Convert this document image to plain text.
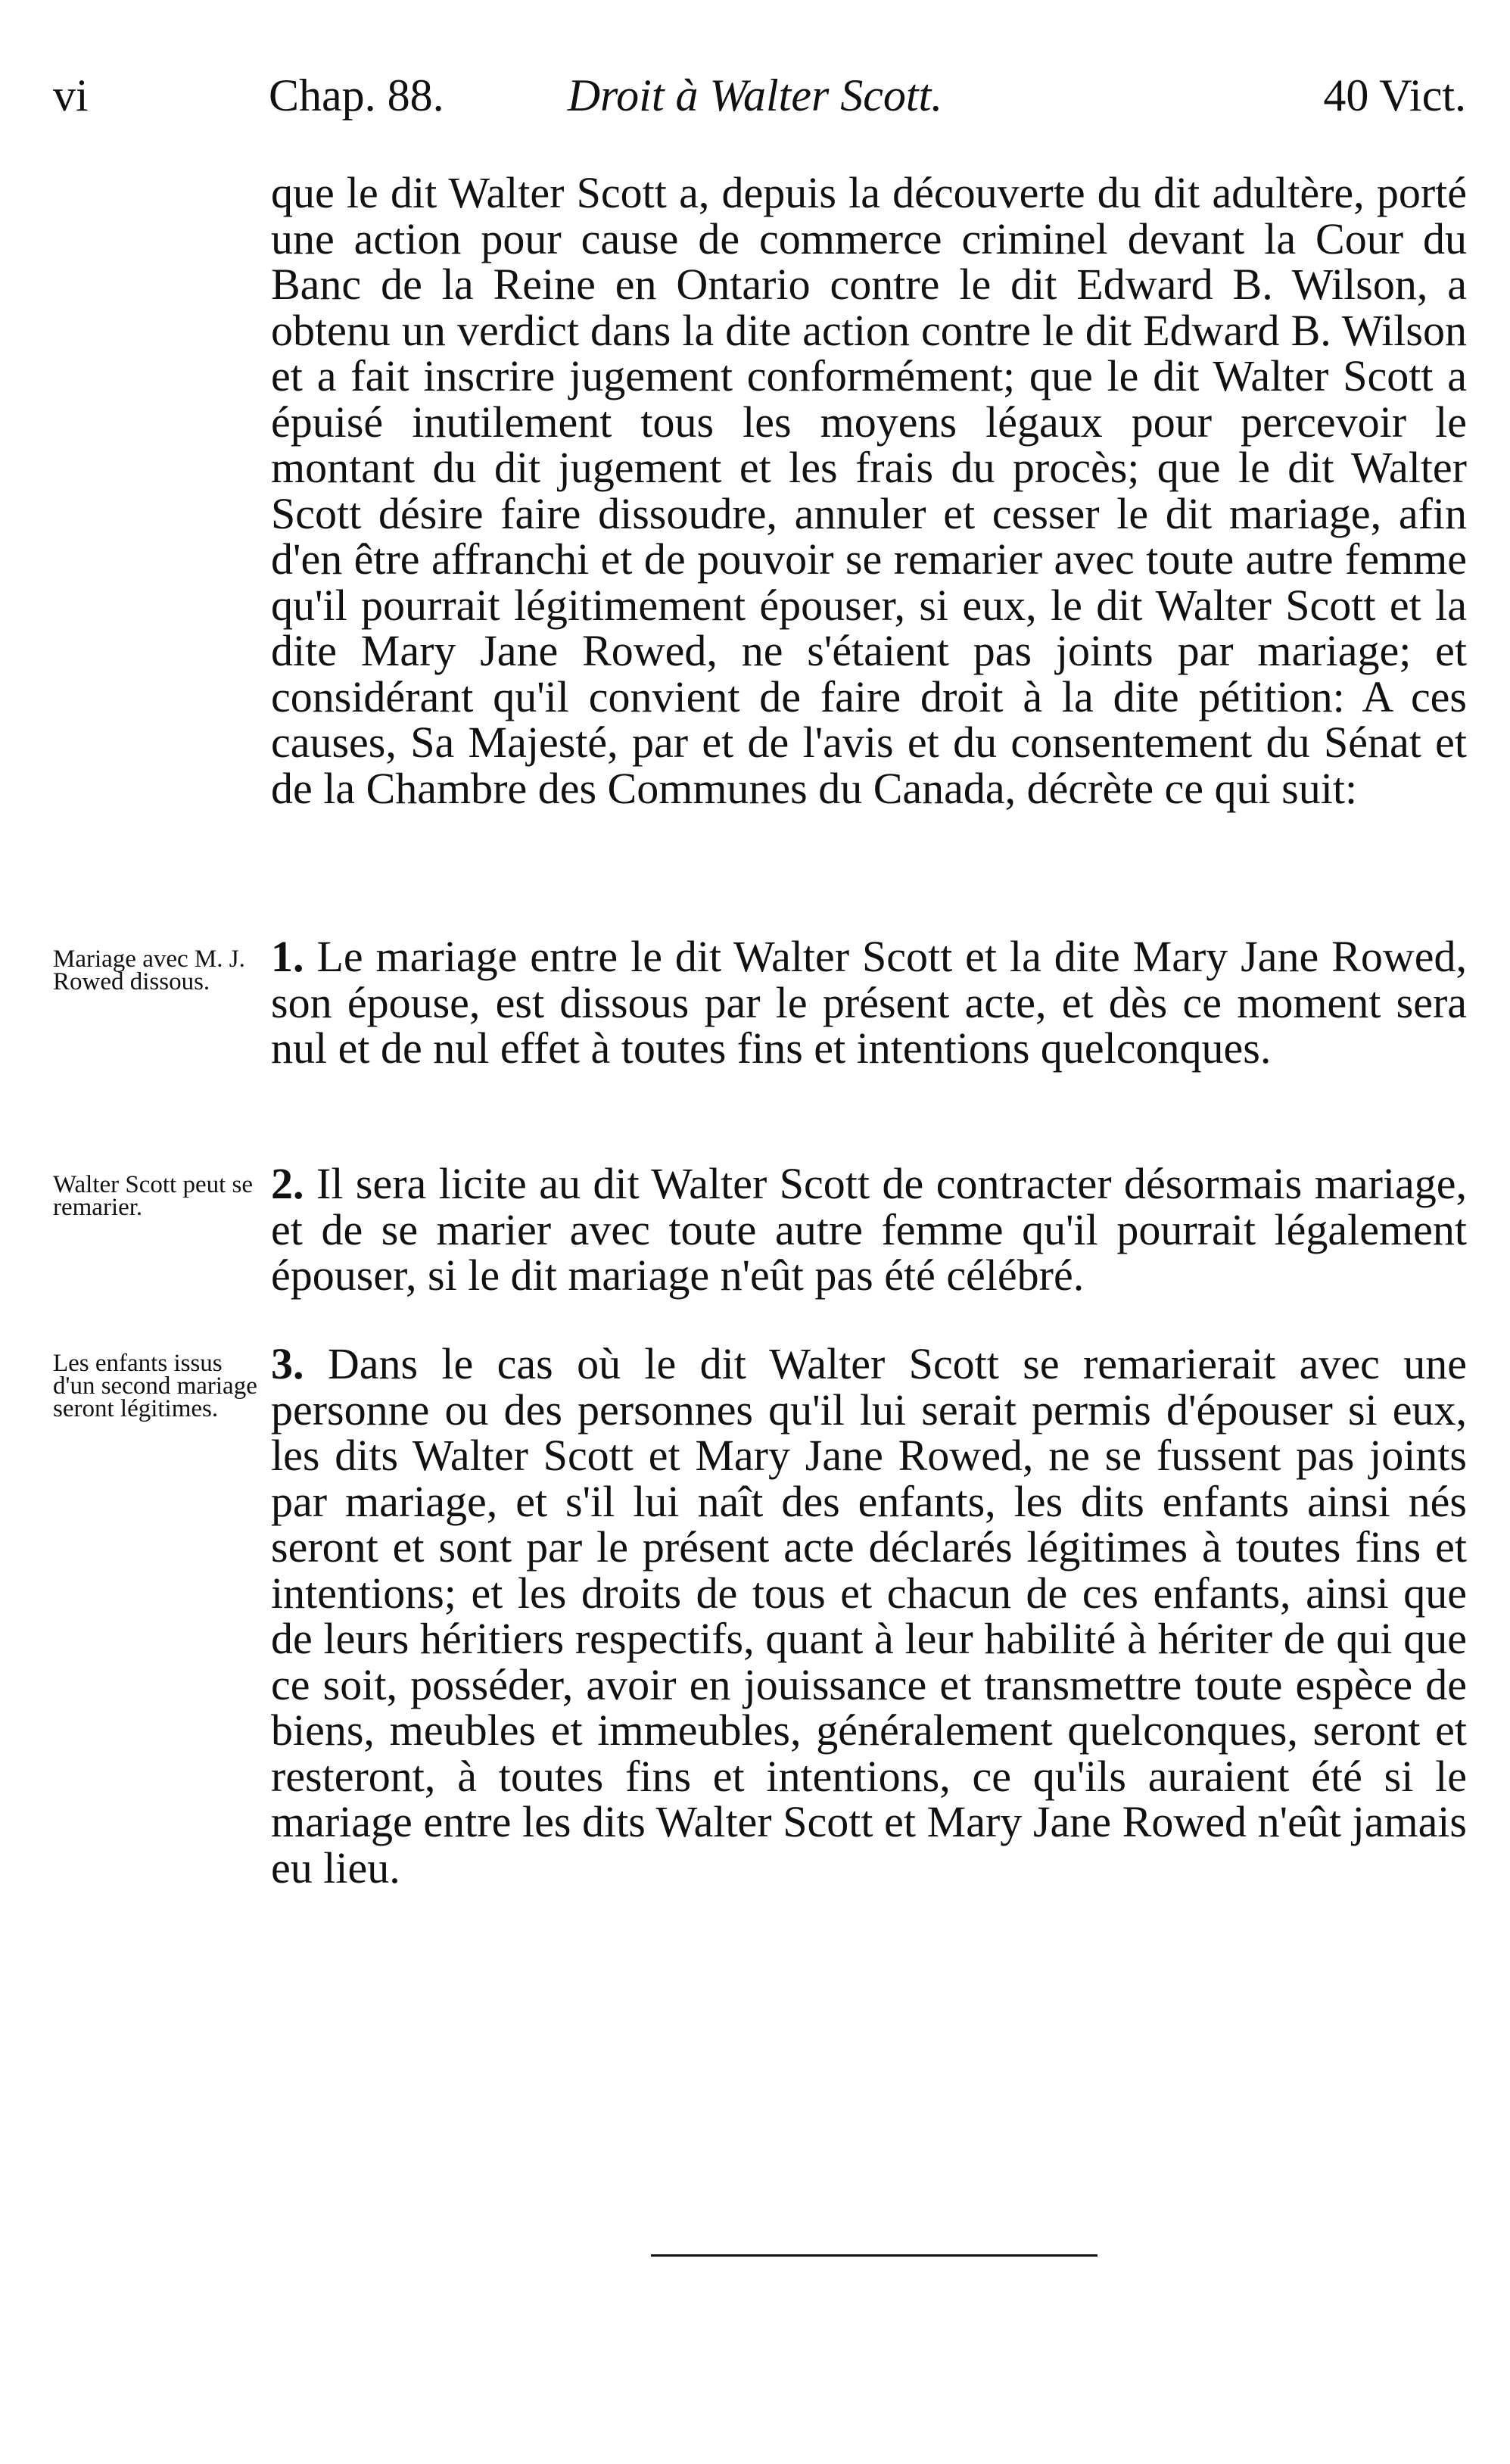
vi	Chap. 88.	Droit à Walter Scott.	40 Vict.

que le dit Walter Scott a, depuis la découverte du dit adultère, porté une action pour cause de commerce criminel devant la Cour du Banc de la Reine en Ontario contre le dit Edward B. Wilson, a obtenu un verdict dans la dite action contre le dit Edward B. Wilson et a fait inscrire jugement conformément; que le dit Walter Scott a épuisé inutilement tous les moyens légaux pour percevoir le montant du dit jugement et les frais du procès; que le dit Walter Scott désire faire dissoudre, annuler et cesser le dit mariage, afin d'en être affranchi et de pouvoir se remarier avec toute autre femme qu'il pourrait légitimement épouser, si eux, le dit Walter Scott et la dite Mary Jane Rowed, ne s'étaient pas joints par mariage; et considérant qu'il convient de faire droit à la dite pétition: A ces causes, Sa Majesté, par et de l'avis et du consentement du Sénat et de la Chambre des Communes du Canada, décrète ce qui suit:

Mariage avec M. J. Rowed dissous.

1. Le mariage entre le dit Walter Scott et la dite Mary Jane Rowed, son épouse, est dissous par le présent acte, et dès ce moment sera nul et de nul effet à toutes fins et intentions quelconques.

Walter Scott peut se remarier.	2. Il sera licite au dit Walter Scott de contracter désormais mariage, et de se marier avec toute autre femme qu'il pourrait légalement épouser, si le dit mariage n'eût pas été célébré.

Les enfants issus d'un second mariage seront légitimes.

3. Dans le cas où le dit Walter Scott se remarierait avec une personne ou des personnes qu'il lui serait permis d'épouser si eux, les dits Walter Scott et Mary Jane Rowed, ne se fussent pas joints par mariage, et s'il lui naît des enfants, les dits enfants ainsi nés seront et sont par le présent acte déclarés légitimes à toutes fins et intentions; et les droits de tous et chacun de ces enfants, ainsi que de leurs héritiers respectifs, quant à leur habilité à hériter de qui que ce soit, posséder, avoir en jouissance et transmettre toute espèce de biens, meubles et immeubles, généralement quelconques, seront et resteront, à toutes fins et intentions, ce qu'ils auraient été si le mariage entre les dits Walter Scott et Mary Jane Rowed n'eût jamais eu lieu.
